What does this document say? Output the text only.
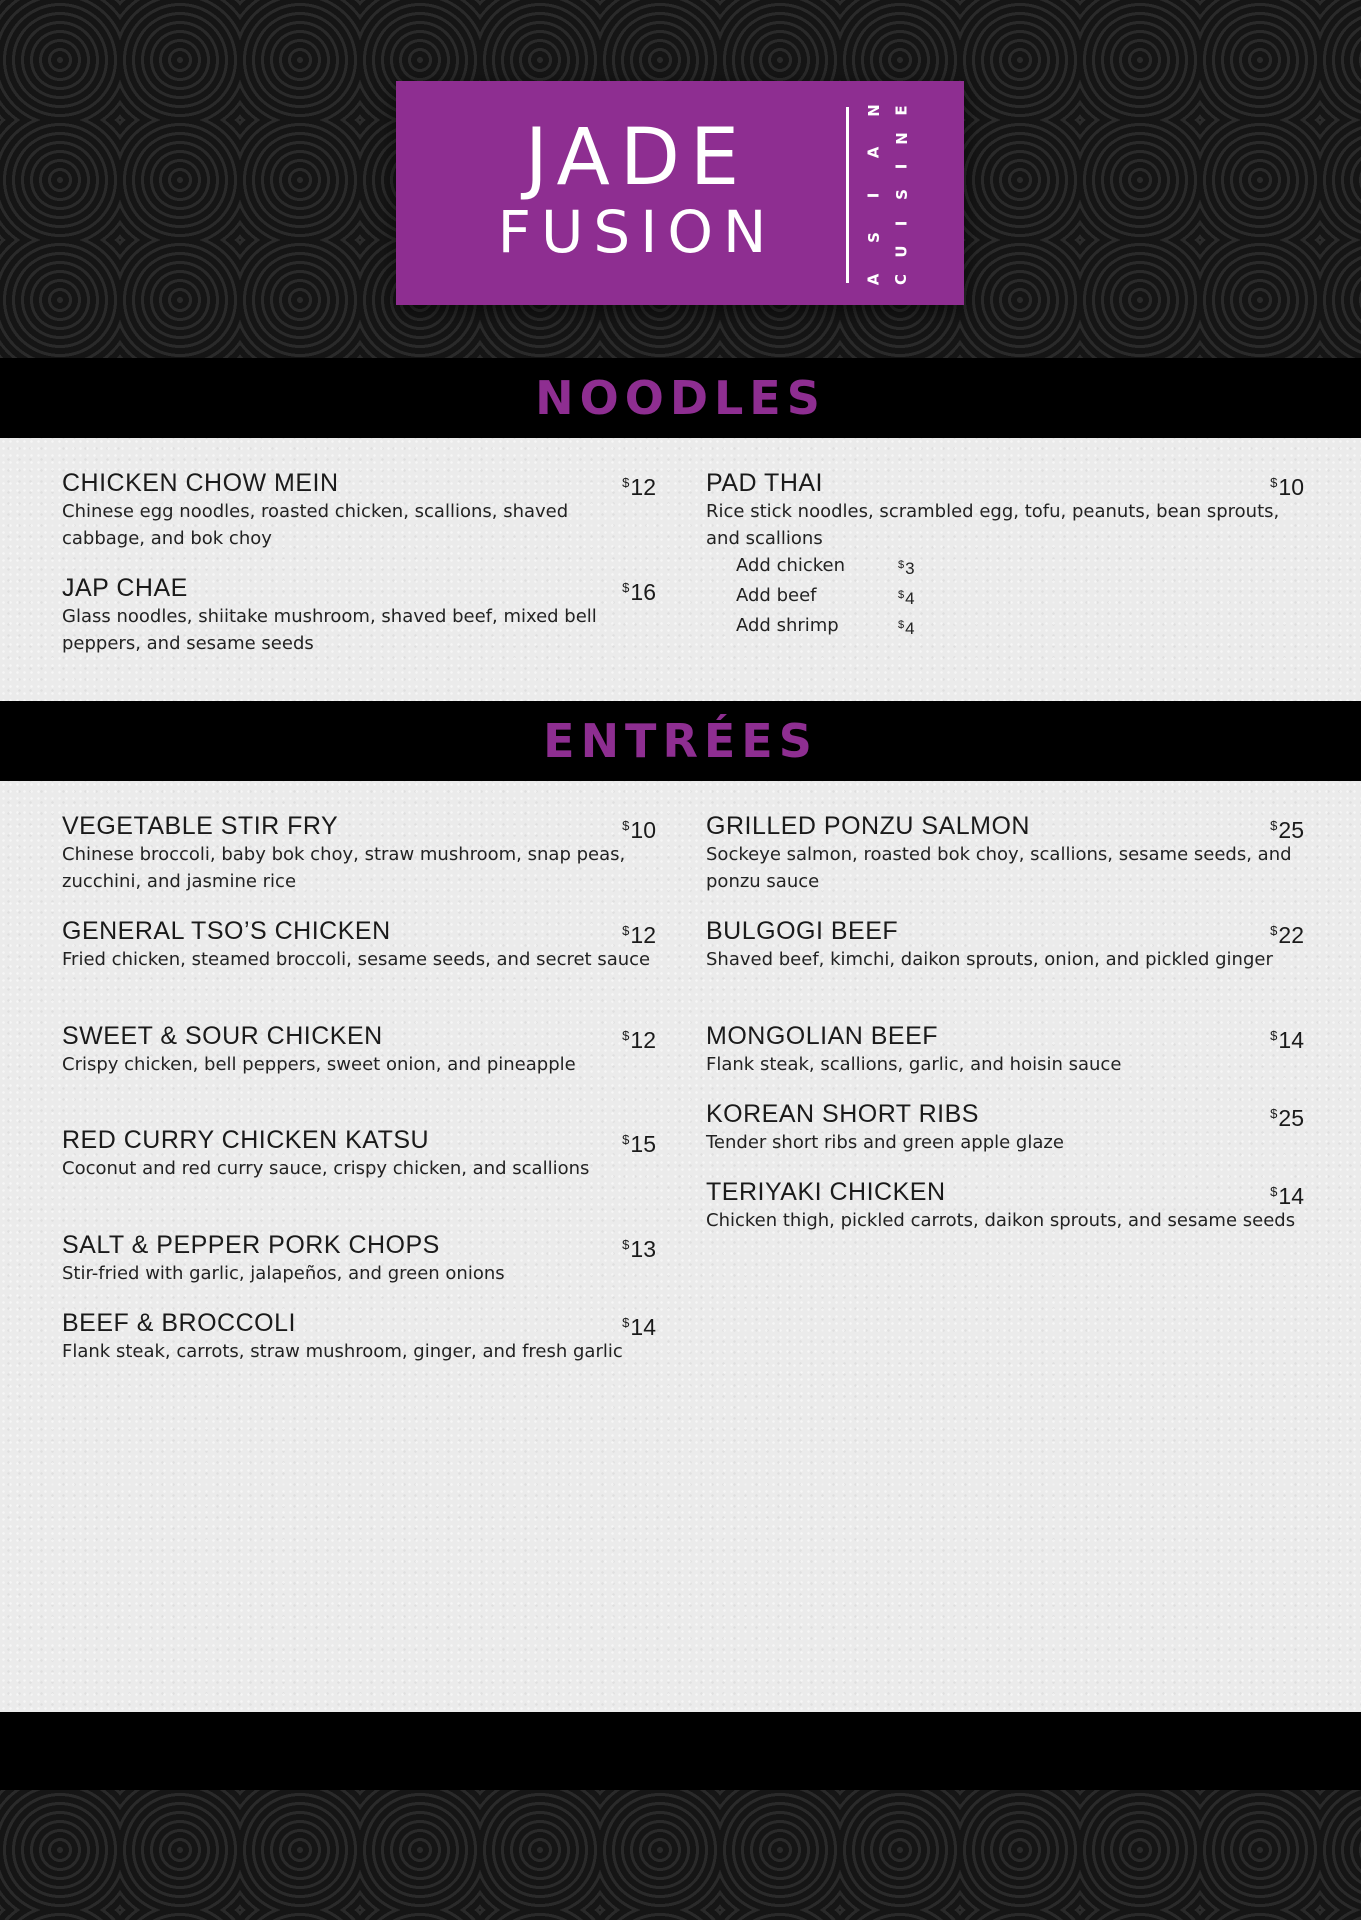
JADE
FUSION
N
A
I
S
A
E
N
I
S
I
U
C
NOODLES
CHICKEN CHOW MEIN	$12
Chinese egg noodles, roasted chicken, scallions, shaved cabbage, and bok choy
JAP CHAE	$16
Glass noodles, shiitake mushroom, shaved beef, mixed bell peppers, and sesame seeds
PAD THAI	$10
Rice stick noodles, scrambled egg, tofu, peanuts, bean sprouts, and scallions
Add chicken	$3
Add beef	$4
Add shrimp	$4
ENTRÉES
VEGETABLE STIR FRY	$10
Chinese broccoli, baby bok choy, straw mushroom, snap peas, zucchini, and jasmine rice
GENERAL TSO’S CHICKEN	$12
Fried chicken, steamed broccoli, sesame seeds, and secret sauce
SWEET & SOUR CHICKEN	$12
Crispy chicken, bell peppers, sweet onion, and pineapple
RED CURRY CHICKEN KATSU	$15
Coconut and red curry sauce, crispy chicken, and scallions
SALT & PEPPER PORK CHOPS	$13
Stir-fried with garlic, jalapeños, and green onions
BEEF & BROCCOLI	$14
Flank steak, carrots, straw mushroom, ginger, and fresh garlic
GRILLED PONZU SALMON	$25
Sockeye salmon, roasted bok choy, scallions, sesame seeds, and ponzu sauce
BULGOGI BEEF	$22
Shaved beef, kimchi, daikon sprouts, onion, and pickled ginger
MONGOLIAN BEEF	$14
Flank steak, scallions, garlic, and hoisin sauce
KOREAN SHORT RIBS	$25
Tender short ribs and green apple glaze
TERIYAKI CHICKEN	$14
Chicken thigh, pickled carrots, daikon sprouts, and sesame seeds
